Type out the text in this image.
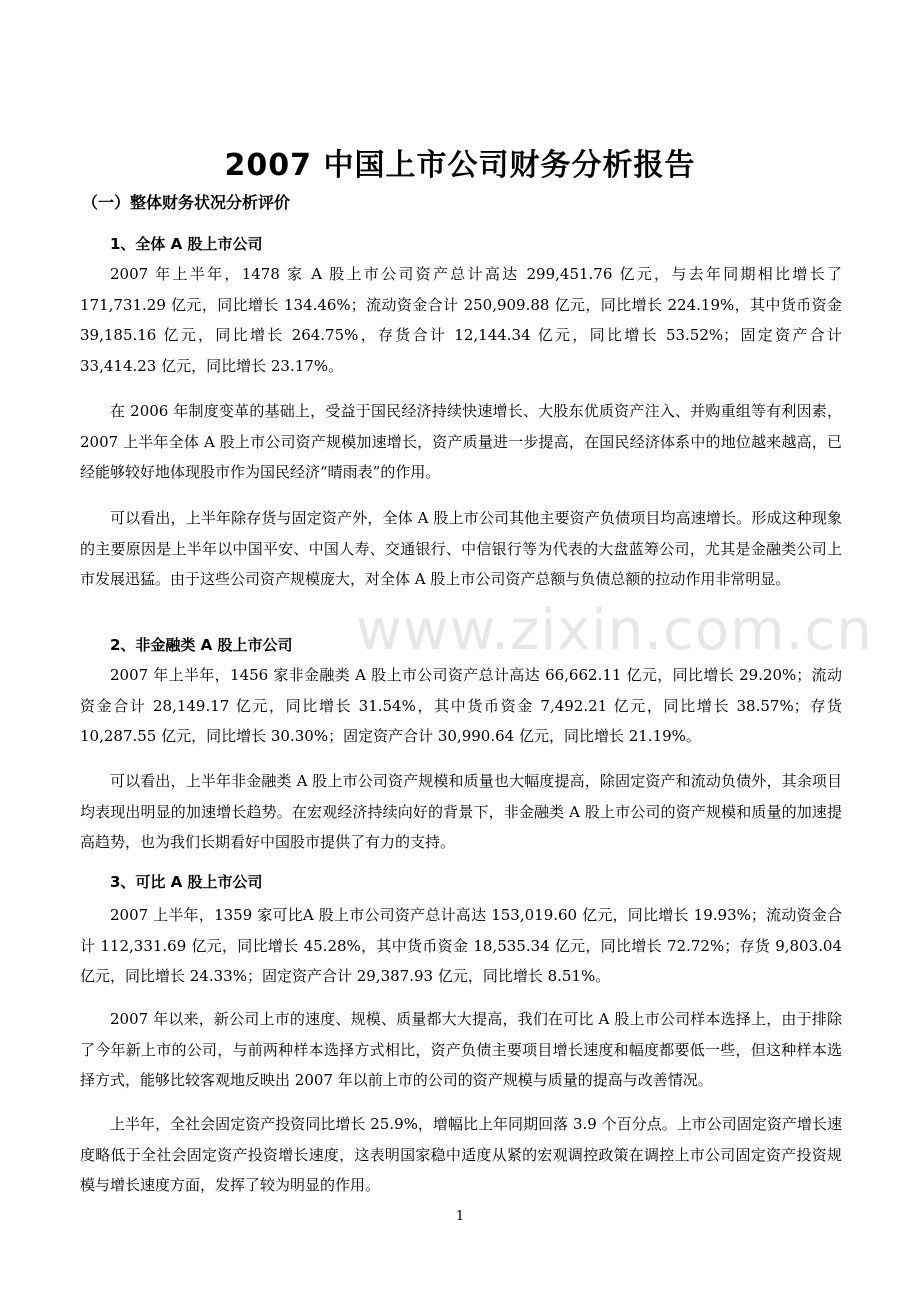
2007 中国上市公司财务分析报告
（一）整体财务状况分析评价
1、全体 A 股上市公司

2007 年上半年，1478 家 A 股上市公司资产总计高达 299,451.76 亿元，与去年同期相比增长了 171,731.29 亿元，同比增长 134.46%；流动资金合计 250,909.88 亿元，同比增长 224.19%，其中货币资金 39,185.16 亿元，同比增长 264.75%，存货合计 12,144.34 亿元，同比增长 53.52%；固定资产合计 33,414.23 亿元，同比增长 23.17%。

在 2006 年制度变革的基础上，受益于国民经济持续快速增长、大股东优质资产注入、并购重组等有利因素，2007 上半年全体 A 股上市公司资产规模加速增长，资产质量进一步提高，在国民经济体系中的地位越来越高，已经能够较好地体现股市作为国民经济“晴雨表”的作用。

可以看出，上半年除存货与固定资产外，全体 A 股上市公司其他主要资产负债项目均高速增长。形成这种现象的主要原因是上半年以中国平安、中国人寿、交通银行、中信银行等为代表的大盘蓝筹公司，尤其是金融类公司上市发展迅猛。由于这些公司资产规模庞大，对全体 A 股上市公司资产总额与负债总额的拉动作用非常明显。

2、非金融类 A 股上市公司

2007 年上半年，1456 家非金融类 A 股上市公司资产总计高达 66,662.11 亿元，同比增长 29.20%；流动资金合计 28,149.17 亿元，同比增长 31.54%，其中货币资金 7,492.21 亿元，同比增长 38.57%；存货 10,287.55 亿元，同比增长 30.30%；固定资产合计 30,990.64 亿元，同比增长 21.19%。

可以看出，上半年非金融类 A 股上市公司资产规模和质量也大幅度提高，除固定资产和流动负债外，其余项目均表现出明显的加速增长趋势。在宏观经济持续向好的背景下，非金融类 A 股上市公司的资产规模和质量的加速提高趋势，也为我们长期看好中国股市提供了有力的支持。

3、可比 A 股上市公司

2007 上半年，1359 家可比A 股上市公司资产总计高达 153,019.60 亿元，同比增长 19.93%；流动资金合计 112,331.69 亿元，同比增长 45.28%，其中货币资金 18,535.34 亿元，同比增长 72.72%；存货 9,803.04 亿元，同比增长 24.33%；固定资产合计 29,387.93 亿元，同比增长 8.51%。

2007 年以来，新公司上市的速度、规模、质量都大大提高，我们在可比 A 股上市公司样本选择上，由于排除了今年新上市的公司，与前两种样本选择方式相比，资产负债主要项目增长速度和幅度都要低一些，但这种样本选择方式，能够比较客观地反映出 2007 年以前上市的公司的资产规模与质量的提高与改善情况。

上半年，全社会固定资产投资同比增长 25.9%，增幅比上年同期回落 3.9 个百分点。上市公司固定资产增长速度略低于全社会固定资产投资增长速度，这表明国家稳中适度从紧的宏观调控政策在调控上市公司固定资产投资规模与增长速度方面，发挥了较为明显的作用。

www.zixin.com.cn
1
